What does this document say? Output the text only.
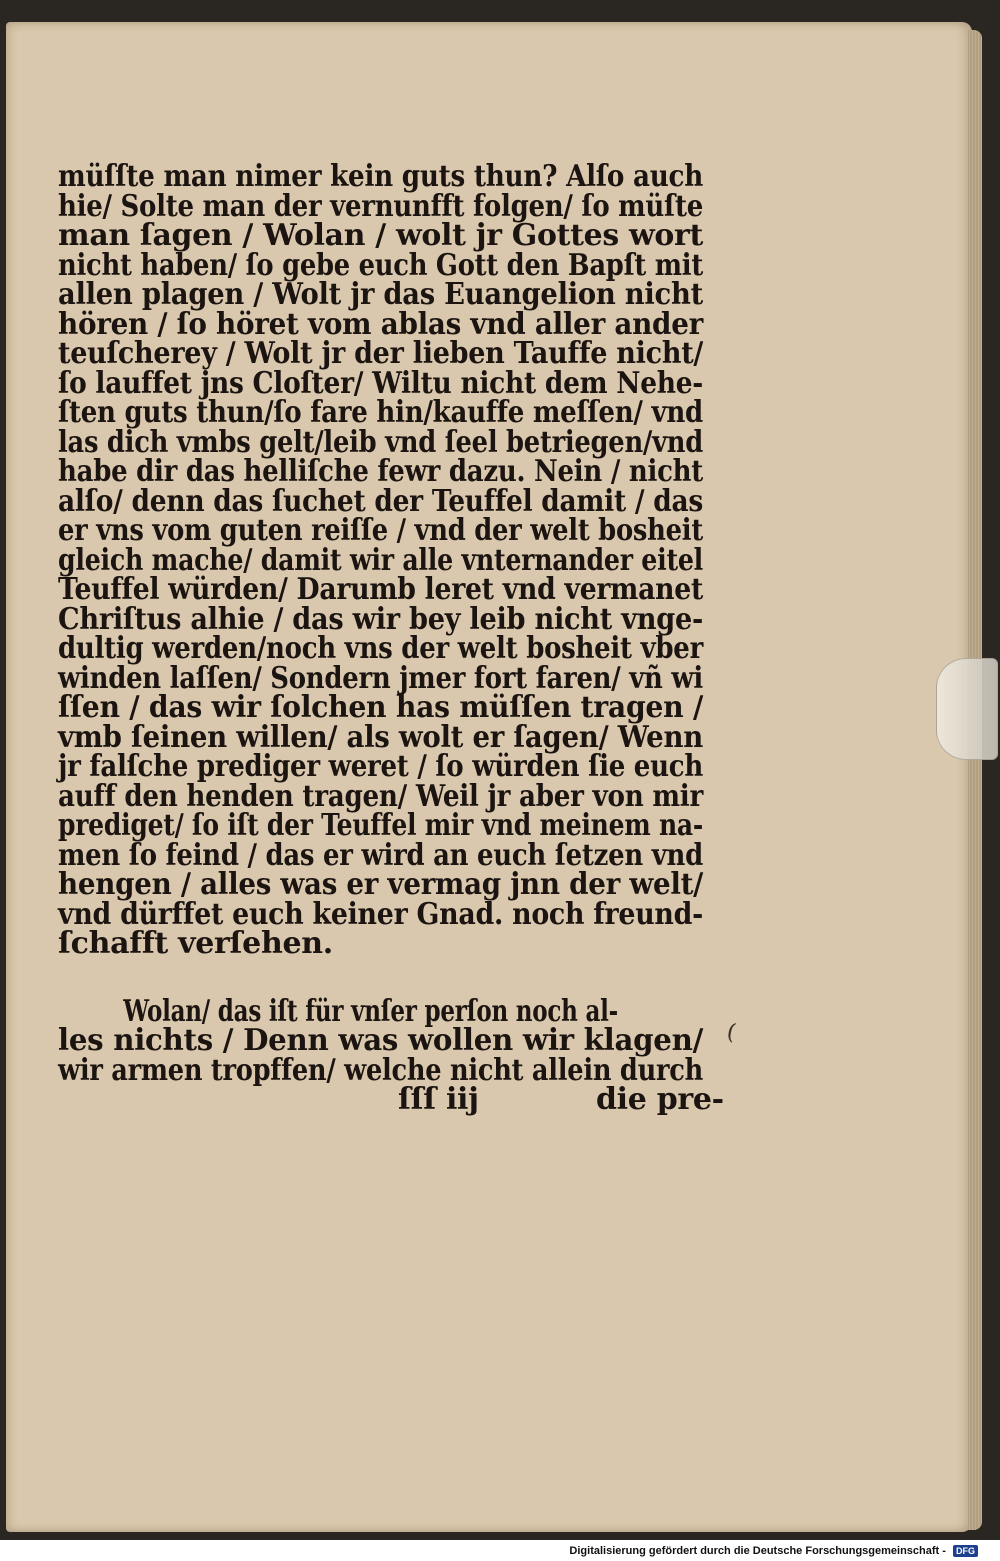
müſſte man nimer kein guts thun? Alſo auch
hie/ Solte man der vernunfft folgen/ ſo müſte
man ſagen / Wolan / wolt jr Gottes wort
nicht haben/ ſo gebe euch Gott den Bapſt mit
allen plagen / Wolt jr das Euangelion nicht
hören / ſo höret vom ablas vnd aller ander
teuſcherey / Wolt jr der lieben Tauffe nicht/
ſo lauffet jns Cloſter/ Wiltu nicht dem Nehe-
ſten guts thun/ſo fare hin/kauffe meſſen/ vnd
las dich vmbs gelt/leib vnd ſeel betriegen/vnd
habe dir das helliſche fewr dazu. Nein / nicht
alſo/ denn das ſuchet der Teuffel damit / das
er vns vom guten reiſſe / vnd der welt bosheit
gleich mache/ damit wir alle vnternander eitel
Teuffel würden/ Darumb leret vnd vermanet
Chriſtus alhie / das wir bey leib nicht vnge-
dultig werden/noch vns der welt bosheit vber
winden laſſen/ Sondern jmer fort faren/ vñ wi
ſſen / das wir ſolchen has müſſen tragen /
vmb ſeinen willen/ als wolt er ſagen/ Wenn
jr falſche prediger weret / ſo würden ſie euch
auff den henden tragen/ Weil jr aber von mir
prediget/ ſo iſt der Teuffel mir vnd meinem na-
men ſo feind / das er wird an euch ſetzen vnd
hengen / alles was er vermag jnn der welt/
vnd dürffet euch keiner Gnad. noch freund-
ſchafft verſehen.
Wolan/ das iſt für vnſer perſon noch al-
les nichts / Denn was wollen wir klagen/
wir armen tropffen/ welche nicht allein durch
ſſſ iij	die pre-
(
Digitalisierung gefördert durch die Deutsche Forschungsgemeinschaft - DFG
